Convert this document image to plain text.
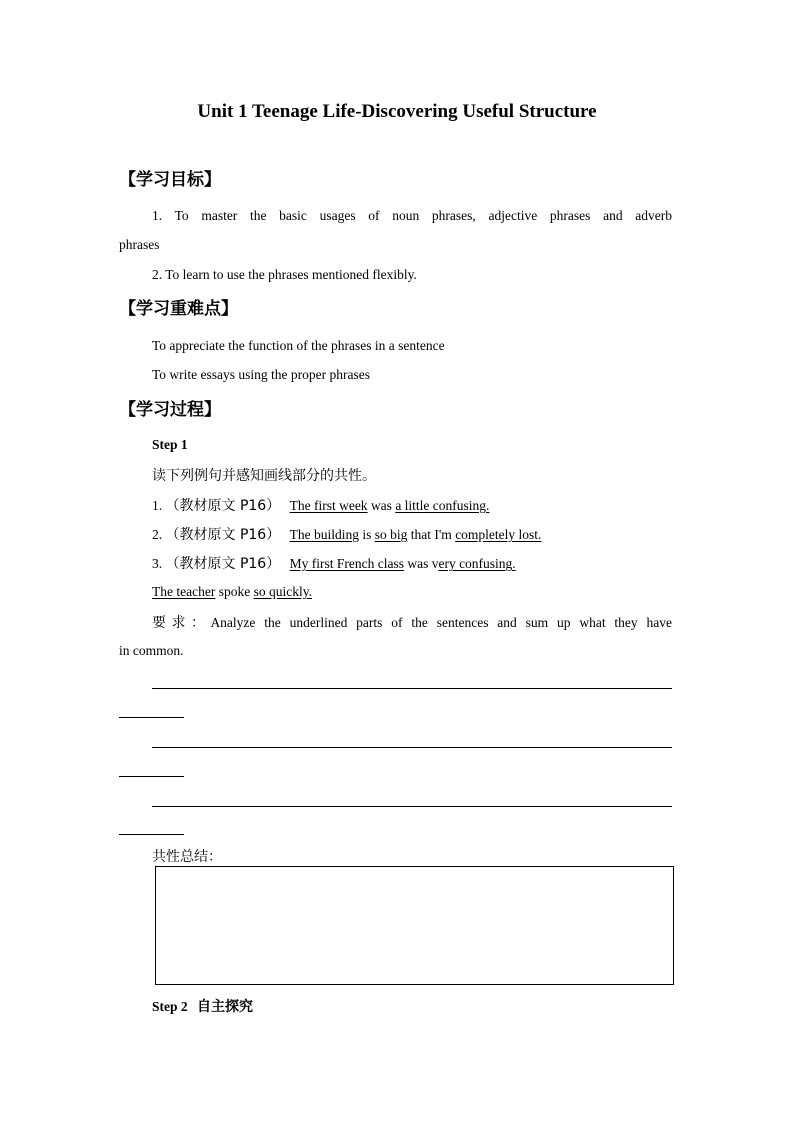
Unit 1 Teenage Life-Discovering Useful Structure
【学习目标】
1. To master the basic usages of noun phrases, adjective phrases and adverb
phrases
2. To learn to use the phrases mentioned flexibly.
【学习重难点】
To appreciate the function of the phrases in a sentence
To write essays using the proper phrases
【学习过程】
Step 1
读下列例句并感知画线部分的共性。
1. （教材原文 P16） The first week was a little confusing.
2. （教材原文 P16） The building is so big that I'm completely lost.
3. （教材原文 P16） My first French class was very confusing.
The teacher spoke so quickly.
要求：Analyze the underlined parts of the sentences and sum up what they have
in common.
共性总结：
Step 2 自主探究
